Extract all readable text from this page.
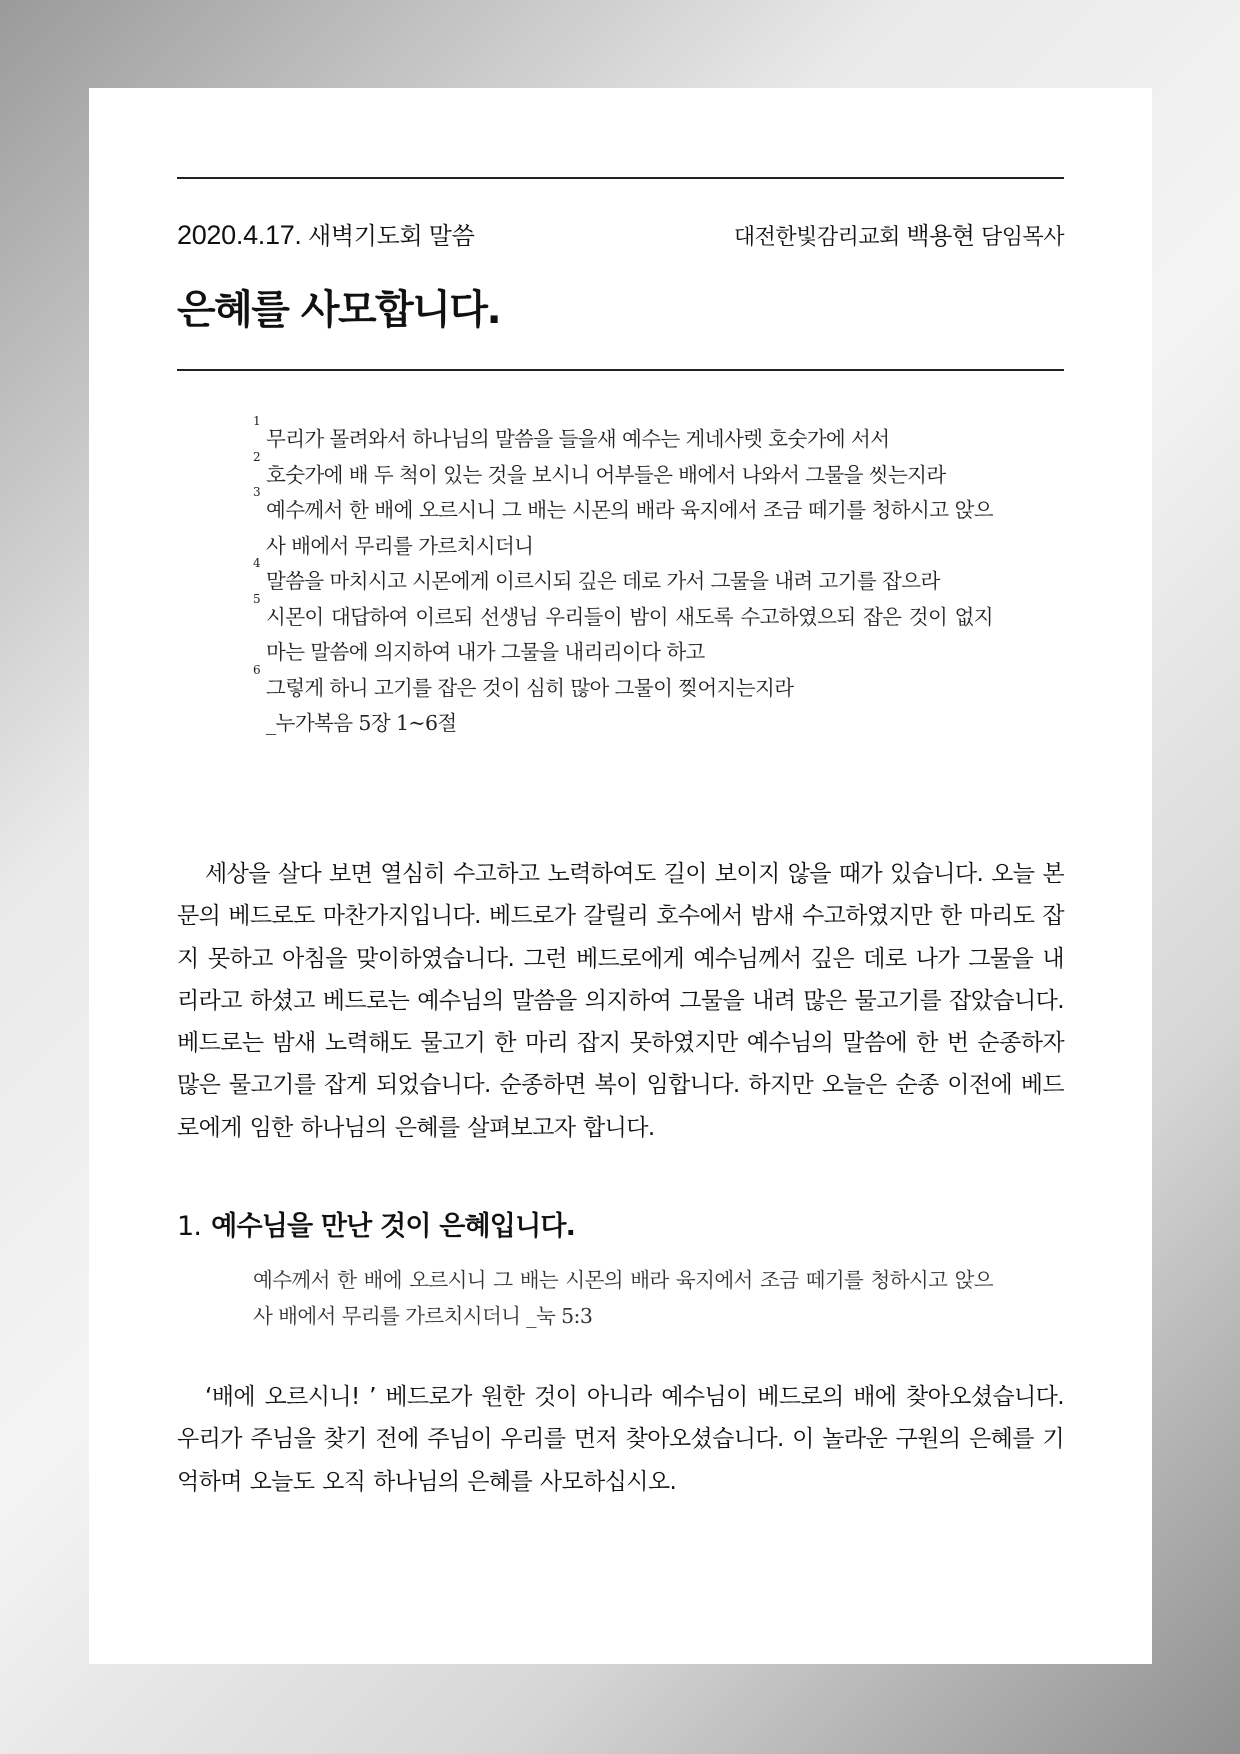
2020.4.17. 새벽기도회 말씀	대전한빛감리교회 백용현 담임목사
은혜를 사모합니다.
1
무리가 몰려와서 하나님의 말씀을 들을새 예수는 게네사렛 호숫가에 서서
2
호숫가에 배 두 척이 있는 것을 보시니 어부들은 배에서 나와서 그물을 씻는지라
3
예수께서 한 배에 오르시니 그 배는 시몬의 배라 육지에서 조금 떼기를 청하시고 앉으사 배에서 무리를 가르치시더니
4
말씀을 마치시고 시몬에게 이르시되 깊은 데로 가서 그물을 내려 고기를 잡으라
5
시몬이 대답하여 이르되 선생님 우리들이 밤이 새도록 수고하였으되 잡은 것이 없지마는 말씀에 의지하여 내가 그물을 내리리이다 하고
6
그렇게 하니 고기를 잡은 것이 심히 많아 그물이 찢어지는지라
_누가복음 5장 1~6절

세상을 살다 보면 열심히 수고하고 노력하여도 길이 보이지 않을 때가 있습니다. 오늘 본문의 베드로도 마찬가지입니다. 베드로가 갈릴리 호수에서 밤새 수고하였지만 한 마리도 잡지 못하고 아침을 맞이하였습니다. 그런 베드로에게 예수님께서 깊은 데로 나가 그물을 내리라고 하셨고 베드로는 예수님의 말씀을 의지하여 그물을 내려 많은 물고기를 잡았습니다. 베드로는 밤새 노력해도 물고기 한 마리 잡지 못하였지만 예수님의 말씀에 한 번 순종하자 많은 물고기를 잡게 되었습니다. 순종하면 복이 임합니다. 하지만 오늘은 순종 이전에 베드로에게 임한 하나님의 은혜를 살펴보고자 합니다.

1. 예수님을 만난 것이 은혜입니다.
예수께서 한 배에 오르시니 그 배는 시몬의 배라 육지에서 조금 떼기를 청하시고 앉으사 배에서 무리를 가르치시더니 _눅 5:3

‘배에 오르시니! ’ 베드로가 원한 것이 아니라 예수님이 베드로의 배에 찾아오셨습니다. 우리가 주님을 찾기 전에 주님이 우리를 먼저 찾아오셨습니다. 이 놀라운 구원의 은혜를 기억하며 오늘도 오직 하나님의 은혜를 사모하십시오.
